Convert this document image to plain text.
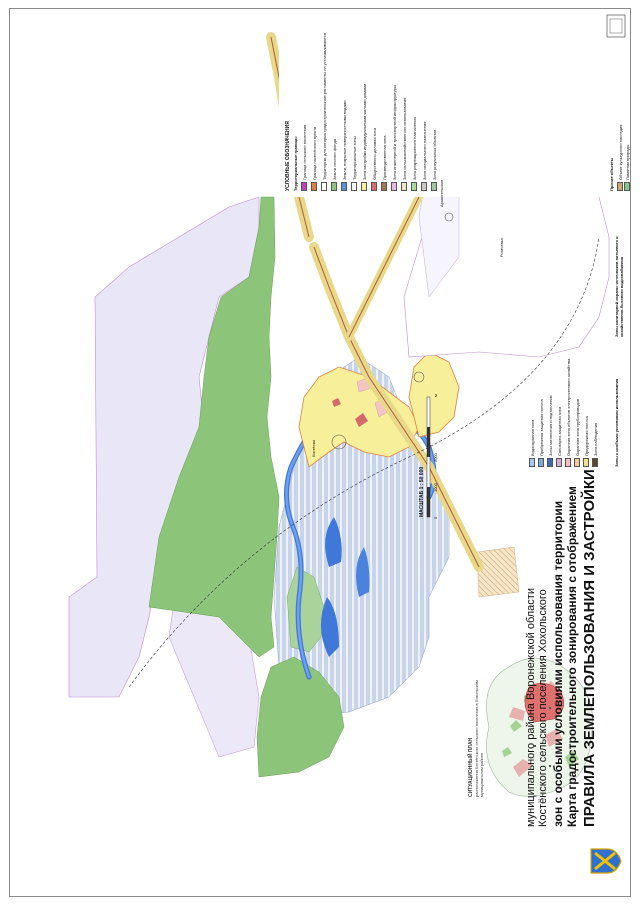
ПРАВИЛА ЗЕМЛЕПОЛЬЗОВАНИЯ И ЗАСТРОЙКИ
Карта градостроительного зонирования с отображением
зон с особыми условиями использования территории
Костёнского сельского поселения Хохольского
муниципального района Воронежской области
СИТУАЦИОННЫЙ ПЛАН расположения Костёнского сельского поселения в Хохольском муниципальном районе
МАСШТАБ 1 : 50 000
0
1000
2000
м
Костёнки
Рогачевка
Архангельское
УСЛОВНЫЕ ОБОЗНАЧЕНИЯ Территориальные границы
Зоны с особыми условиями использования
Зоны санитарной охраны источников питьевого и хозяйственно-бытового водоснабжения
Прочие объекты
Граница сельского поселения Граница населённого пункта Территории, для которых градостроительные регламенты не устанавливаются Земли лесного фонда Земли, покрытые поверхностными водами Территориальные зоны Зона застройки индивидуальными жилыми домами Общественно-деловая зона Производственная зона Зона инженерной и транспортной инфраструктуры Зона сельскохозяйственного использования Зона рекреационного назначения Зона специального назначения Зона ритуальных объектов
Водоохранная зона Прибрежная защитная полоса Зоны затопления и подтопления Санитарно-защитная зона Охранная зона объектов электросетевого хозяйства Охранная зона трубопроводов Придорожная полоса Зона наблюдения
Объект культурного наследия Памятник природы
